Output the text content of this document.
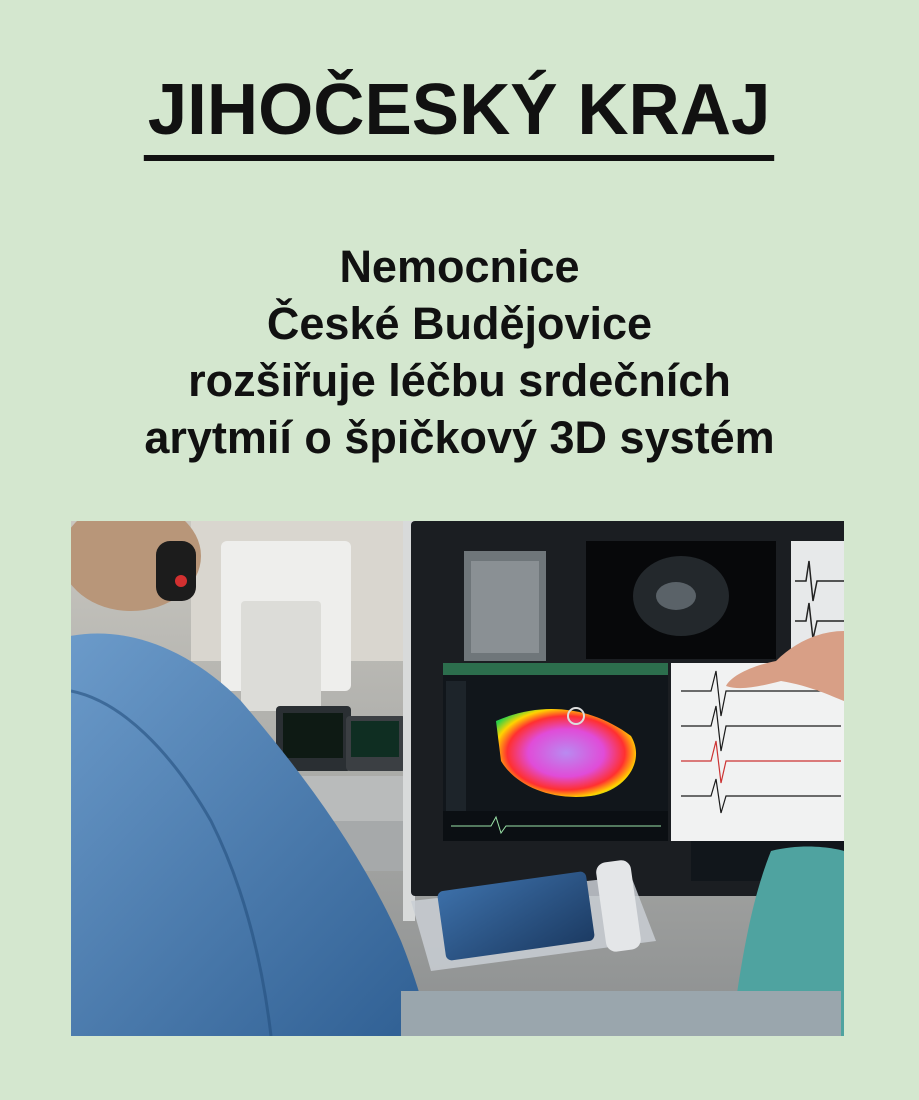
JIHOČESKÝ KRAJ
Nemocnice
České Budějovice
rozšiřuje léčbu srdečních
arytmií o špičkový 3D systém
